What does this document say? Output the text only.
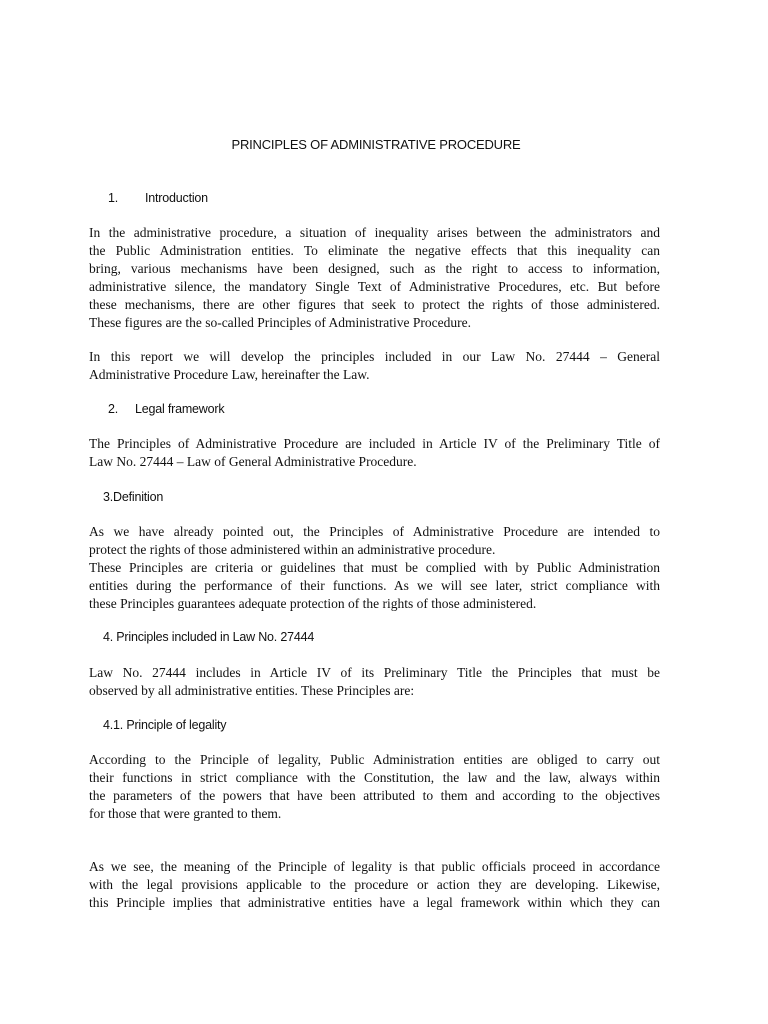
PRINCIPLES OF ADMINISTRATIVE PROCEDURE
1. Introduction
In the administrative procedure, a situation of inequality arises between the administrators and
the Public Administration entities. To eliminate the negative effects that this inequality can
bring, various mechanisms have been designed, such as the right to access to information,
administrative silence, the mandatory Single Text of Administrative Procedures, etc. But before
these mechanisms, there are other figures that seek to protect the rights of those administered.
These figures are the so-called Principles of Administrative Procedure.
In this report we will develop the principles included in our Law No. 27444 – General
Administrative Procedure Law, hereinafter the Law.
2. Legal framework
The Principles of Administrative Procedure are included in Article IV of the Preliminary Title of
Law No. 27444 – Law of General Administrative Procedure.
3.Definition
As we have already pointed out, the Principles of Administrative Procedure are intended to
protect the rights of those administered within an administrative procedure.
These Principles are criteria or guidelines that must be complied with by Public Administration
entities during the performance of their functions. As we will see later, strict compliance with
these Principles guarantees adequate protection of the rights of those administered.
4. Principles included in Law No. 27444
Law No. 27444 includes in Article IV of its Preliminary Title the Principles that must be
observed by all administrative entities. These Principles are:
4.1. Principle of legality
According to the Principle of legality, Public Administration entities are obliged to carry out
their functions in strict compliance with the Constitution, the law and the law, always within
the parameters of the powers that have been attributed to them and according to the objectives
for those that were granted to them.
As we see, the meaning of the Principle of legality is that public officials proceed in accordance
with the legal provisions applicable to the procedure or action they are developing. Likewise,
this Principle implies that administrative entities have a legal framework within which they can
